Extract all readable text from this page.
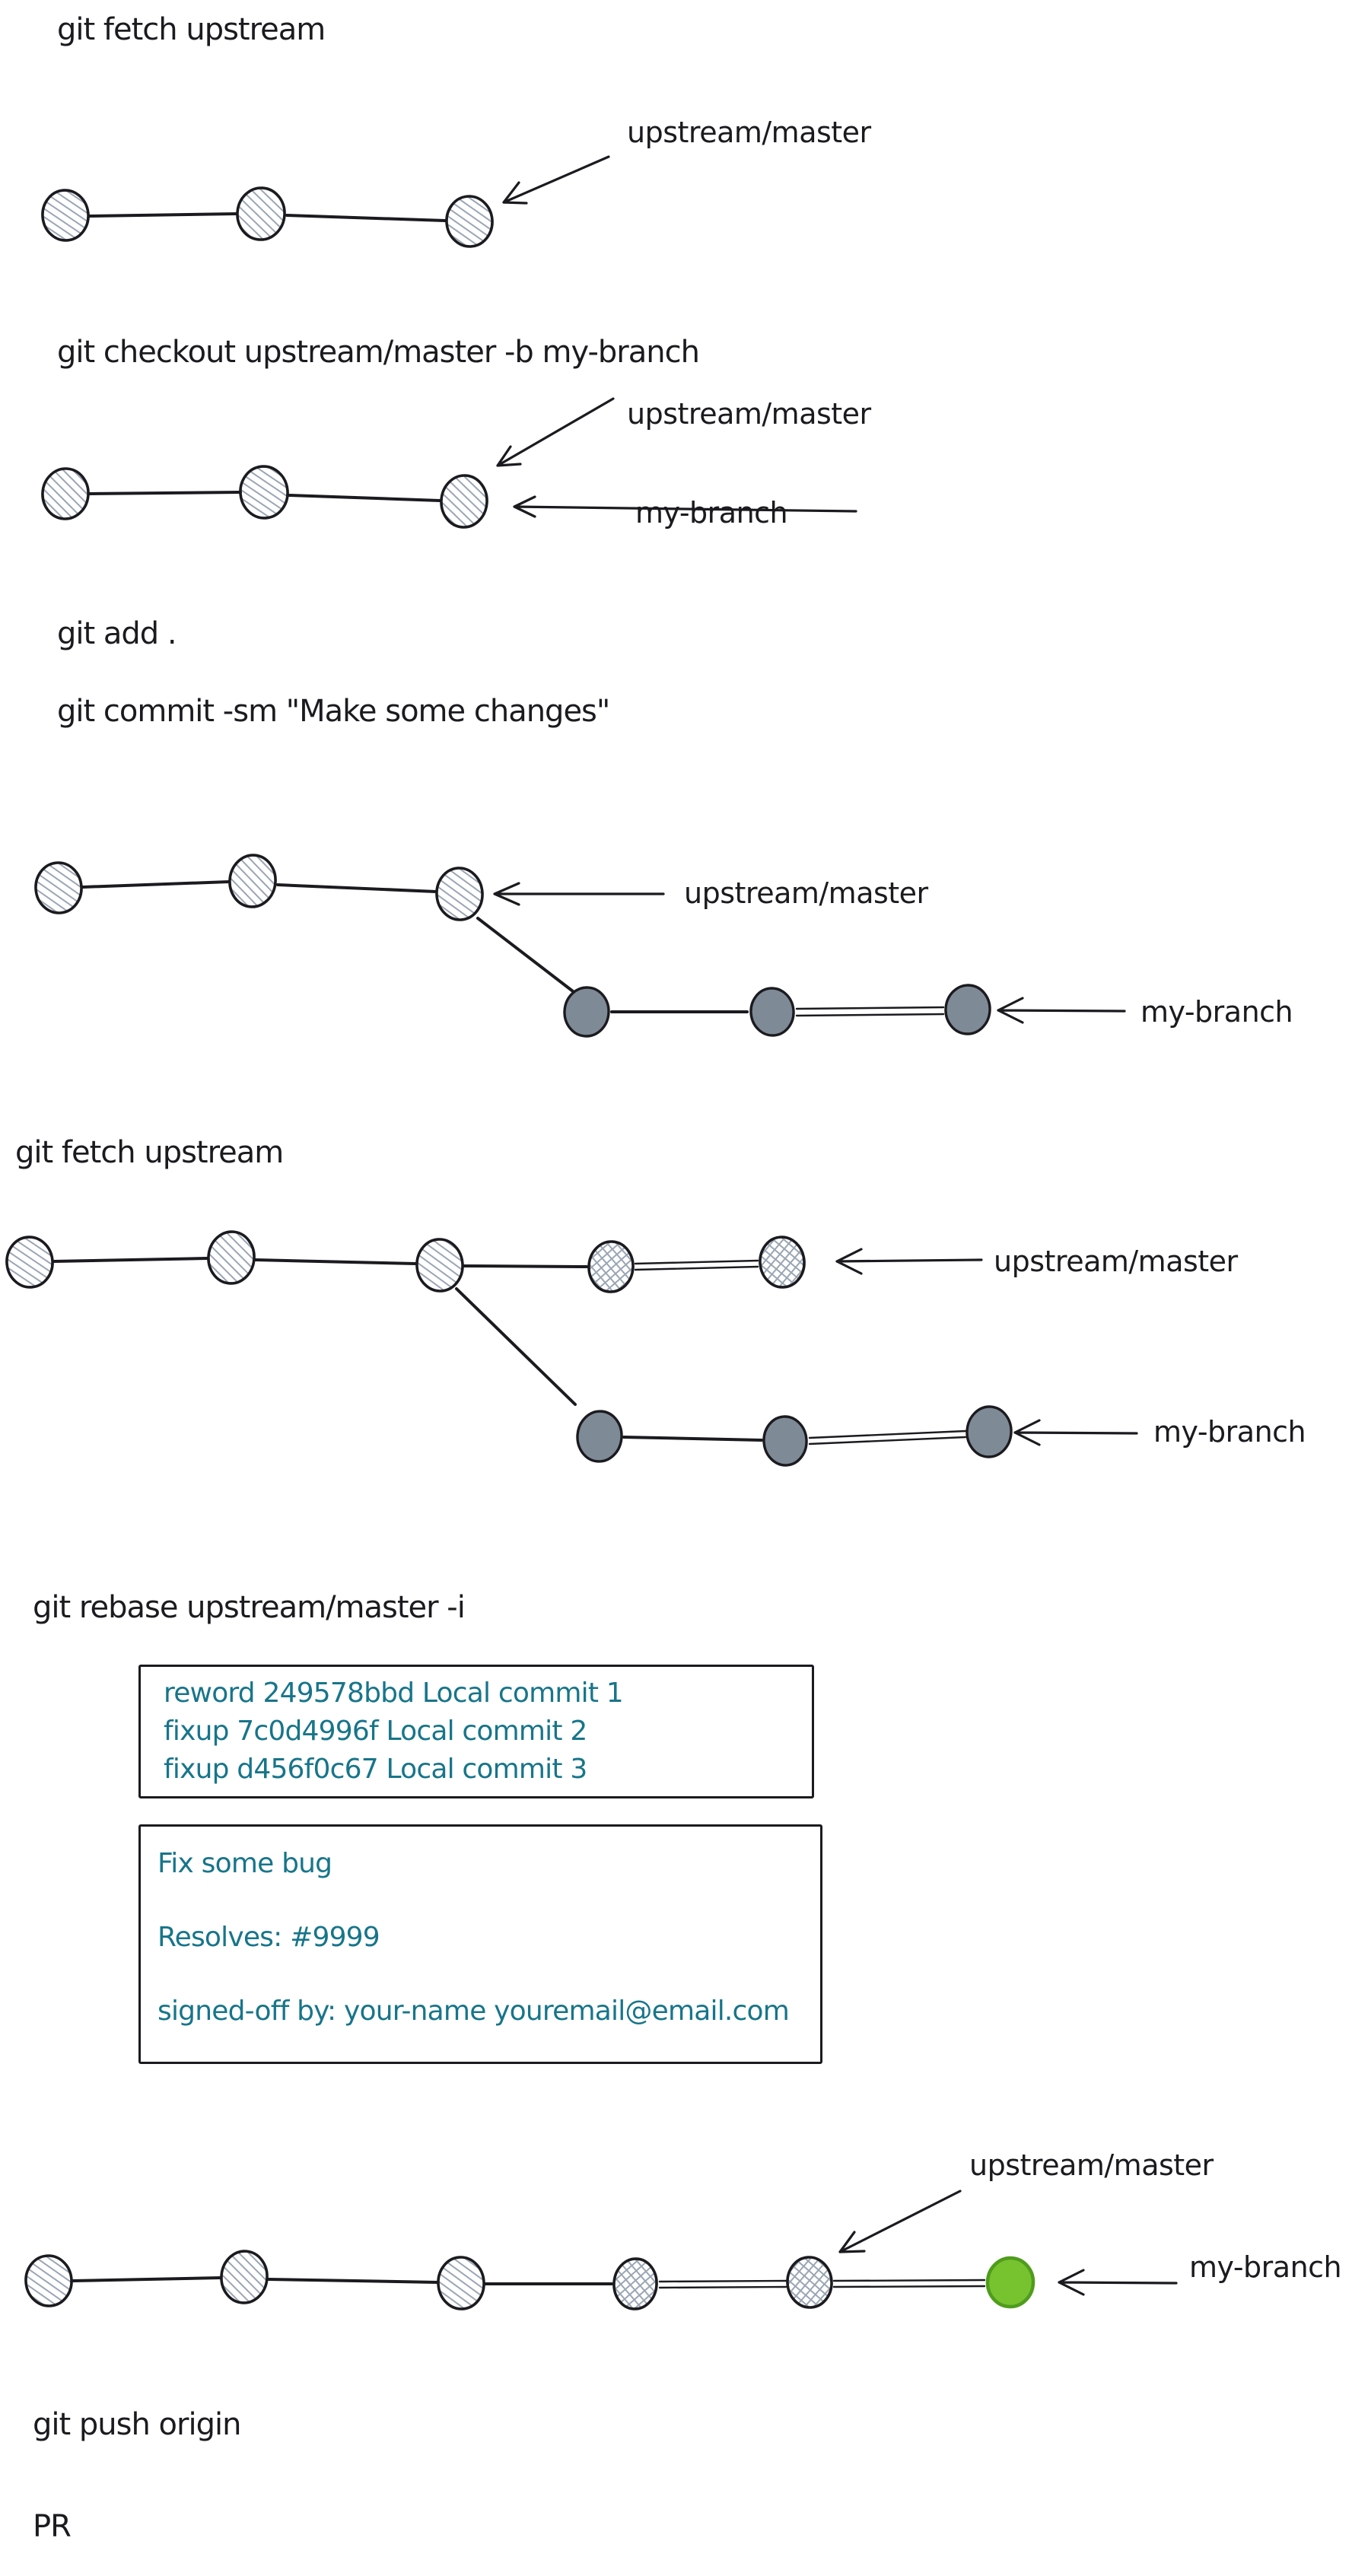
git fetch upstream
git checkout upstream/master -b my-branch
git add .
git commit -sm "Make some changes"
git fetch upstream
git rebase upstream/master -i
git push origin
PR
upstream/master
upstream/master
my-branch
upstream/master
my-branch
upstream/master
my-branch
upstream/master
my-branch

reword 249578bbd Local commit 1

fixup 7c0d4996f Local commit 2

fixup d456f0c67 Local commit 3

Fix some bug

Resolves: #9999

signed-off by: your-name youremail@email.com
